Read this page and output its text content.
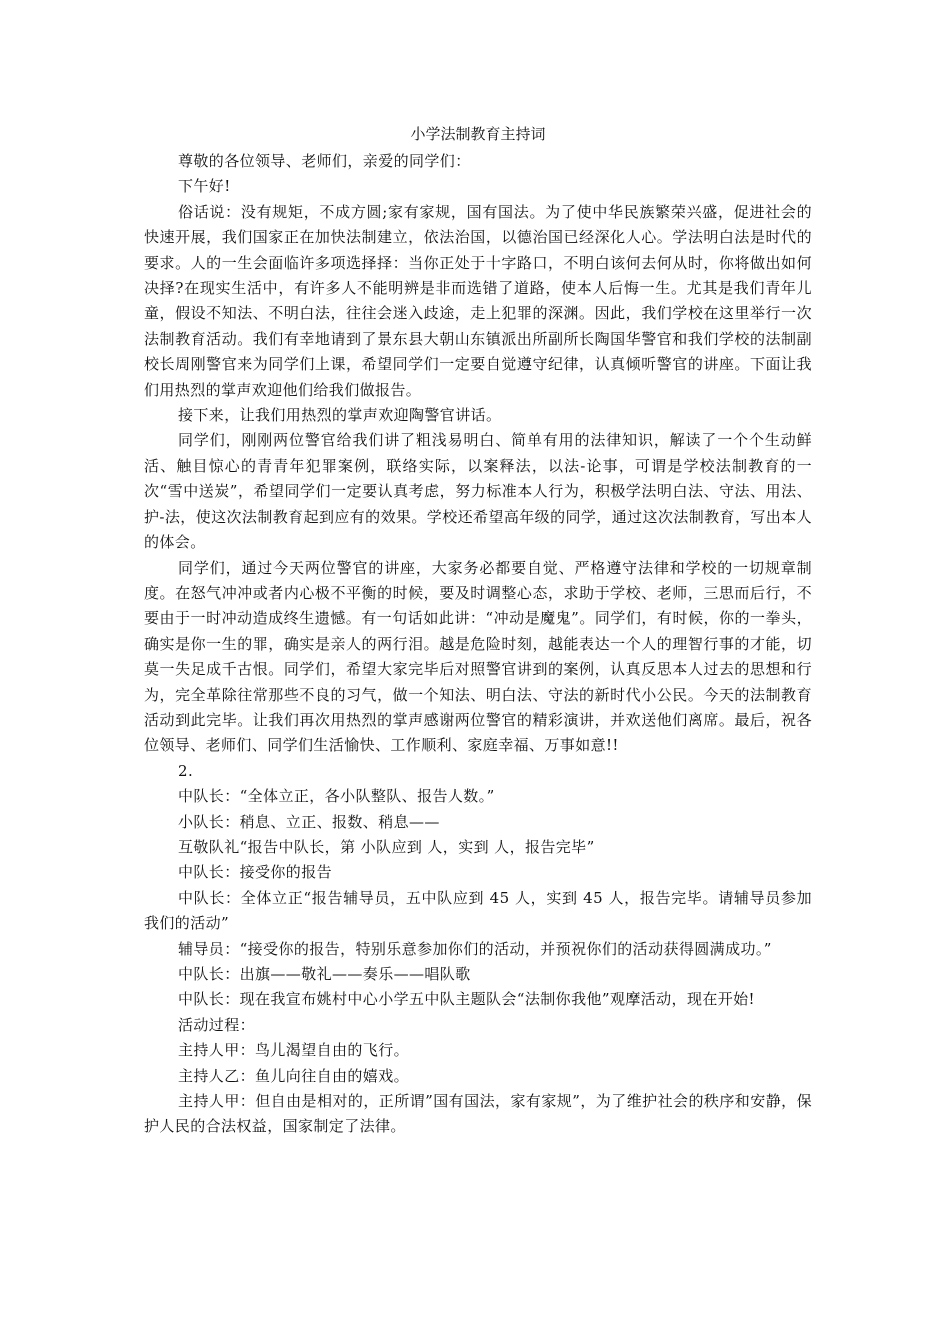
小学法制教育主持词

尊敬的各位领导、老师们，亲爱的同学们：

下午好!

俗话说：没有规矩，不成方圆;家有家规，国有国法。为了使中华民族繁荣兴盛，促进社会的快速开展，我们国家正在加快法制建立，依法治国，以德治国已经深化人心。学法明白法是时代的要求。人的一生会面临许多项选择择：当你正处于十字路口，不明白该何去何从时，你将做出如何决择?在现实生活中，有许多人不能明辨是非而选错了道路，使本人后悔一生。尤其是我们青年儿童，假设不知法、不明白法，往往会迷入歧途，走上犯罪的深渊。因此，我们学校在这里举行一次法制教育活动。我们有幸地请到了景东县大朝山东镇派出所副所长陶国华警官和我们学校的法制副校长周刚警官来为同学们上课，希望同学们一定要自觉遵守纪律，认真倾听警官的讲座。下面让我们用热烈的掌声欢迎他们给我们做报告。

接下来，让我们用热烈的掌声欢迎陶警官讲话。

同学们，刚刚两位警官给我们讲了粗浅易明白、简单有用的法律知识，解读了一个个生动鲜活、触目惊心的青青年犯罪案例，联络实际，以案释法，以法-论事，可谓是学校法制教育的一次“雪中送炭”，希望同学们一定要认真考虑，努力标准本人行为，积极学法明白法、守法、用法、护-法，使这次法制教育起到应有的效果。学校还希望高年级的同学，通过这次法制教育，写出本人的体会。

同学们，通过今天两位警官的讲座，大家务必都要自觉、严格遵守法律和学校的一切规章制度。在怒气冲冲或者内心极不平衡的时候，要及时调整心态，求助于学校、老师，三思而后行，不要由于一时冲动造成终生遗憾。有一句话如此讲：“冲动是魔鬼”。同学们，有时候，你的一拳头，确实是你一生的罪，确实是亲人的两行泪。越是危险时刻，越能表达一个人的理智行事的才能，切莫一失足成千古恨。同学们，希望大家完毕后对照警官讲到的案例，认真反思本人过去的思想和行为，完全革除往常那些不良的习气，做一个知法、明白法、守法的新时代小公民。今天的法制教育活动到此完毕。让我们再次用热烈的掌声感谢两位警官的精彩演讲，并欢送他们离席。最后，祝各位领导、老师们、同学们生活愉快、工作顺利、家庭幸福、万事如意!!

2.

中队长：“全体立正，各小队整队、报告人数。”

小队长：稍息、立正、报数、稍息——

互敬队礼“报告中队长，第 小队应到 人，实到 人，报告完毕”

中队长：接受你的报告

中队长：全体立正“报告辅导员，五中队应到 45 人，实到 45 人，报告完毕。请辅导员参加我们的活动”

辅导员：“接受你的报告，特别乐意参加你们的活动，并预祝你们的活动获得圆满成功。”

中队长：出旗——敬礼——奏乐——唱队歌

中队长：现在我宣布姚村中心小学五中队主题队会“法制你我他”观摩活动，现在开始!

活动过程：

主持人甲：鸟儿渴望自由的飞行。

主持人乙：鱼儿向往自由的嬉戏。

主持人甲：但自由是相对的，正所谓”国有国法，家有家规”，为了维护社会的秩序和安静，保护人民的合法权益，国家制定了法律。
